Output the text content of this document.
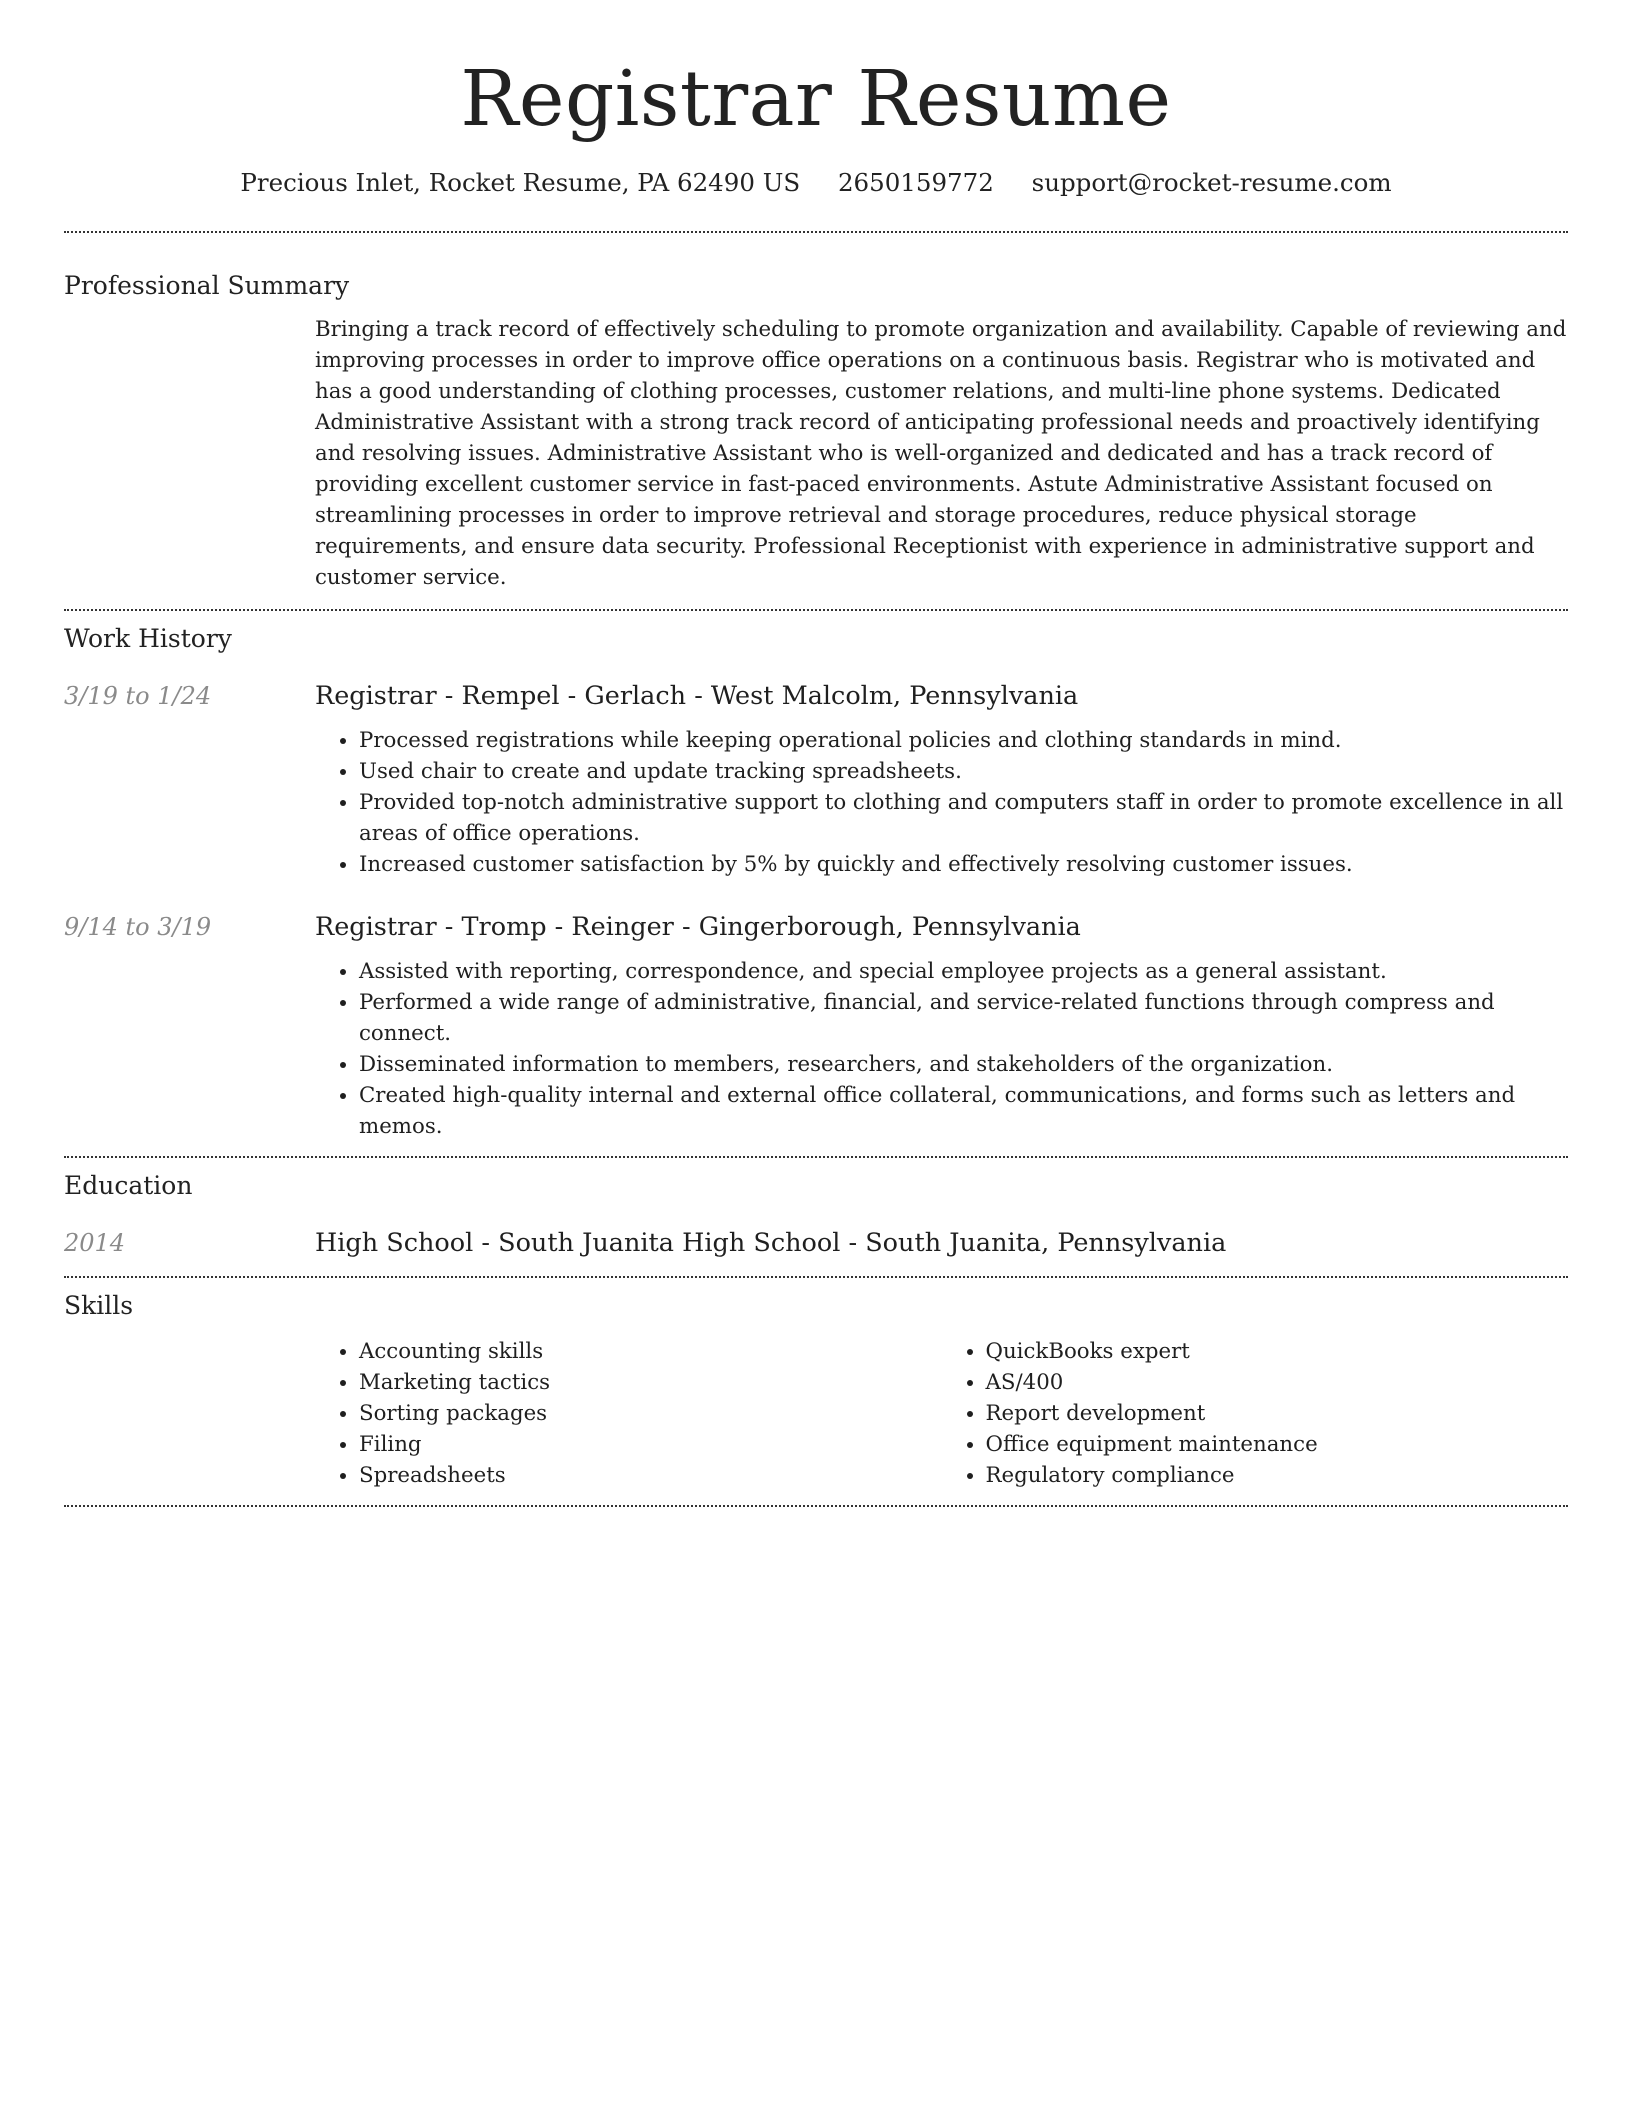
Registrar Resume
Precious Inlet, Rocket Resume, PA 62490 US 2650159772 support@rocket-resume.com
Professional Summary

Bringing a track record of effectively scheduling to promote organization and availability. Capable of reviewing and improving processes in order to improve office operations on a continuous basis. Registrar who is motivated and has a good understanding of clothing processes, customer relations, and multi-line phone systems. Dedicated Administrative Assistant with a strong track record of anticipating professional needs and proactively identifying and resolving issues. Administrative Assistant who is well-organized and dedicated and has a track record of providing excellent customer service in fast-paced environments. Astute Administrative Assistant focused on streamlining processes in order to improve retrieval and storage procedures, reduce physical storage requirements, and ensure data security. Professional Receptionist with experience in administrative support and customer service.

Work History
3/19 to 1/24	Registrar - Rempel - Gerlach - West Malcolm, Pennsylvania
• Processed registrations while keeping operational policies and clothing standards in mind.
• Used chair to create and update tracking spreadsheets.
• Provided top-notch administrative support to clothing and computers staff in order to promote excellence in all areas of office operations.
• Increased customer satisfaction by 5% by quickly and effectively resolving customer issues.
9/14 to 3/19	Registrar - Tromp - Reinger - Gingerborough, Pennsylvania
• Assisted with reporting, correspondence, and special employee projects as a general assistant.
• Performed a wide range of administrative, financial, and service-related functions through compress and connect.
• Disseminated information to members, researchers, and stakeholders of the organization.
• Created high-quality internal and external office collateral, communications, and forms such as letters and memos.
Education
2014	High School - South Juanita High School - South Juanita, Pennsylvania
Skills
• Accounting skills
• Marketing tactics
• Sorting packages
• Filing
• Spreadsheets
• QuickBooks expert
• AS/400
• Report development
• Office equipment maintenance
• Regulatory compliance
